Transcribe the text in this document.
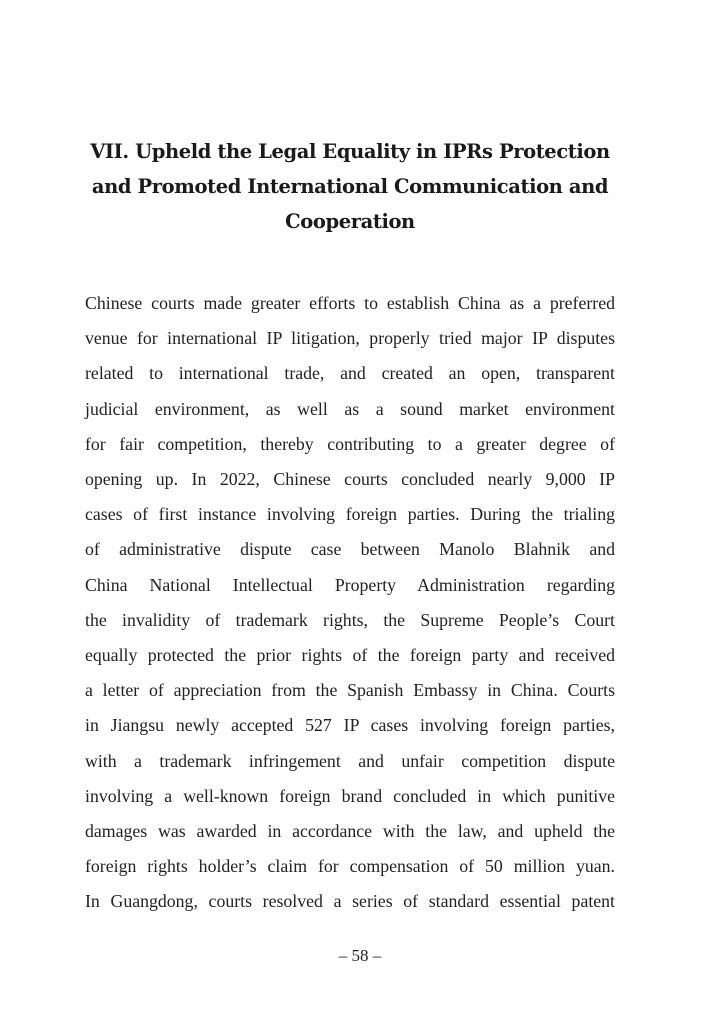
VII. Upheld the Legal Equality in IPRs Protection
and Promoted International Communication and
Cooperation
Chinese courts made greater efforts to establish China as a preferred
venue for international IP litigation, properly tried major IP disputes
related to international trade, and created an open, transparent
judicial environment, as well as a sound market environment
for fair competition, thereby contributing to a greater degree of
opening up. In 2022, Chinese courts concluded nearly 9,000 IP
cases of first instance involving foreign parties. During the trialing
of administrative dispute case between Manolo Blahnik and
China National Intellectual Property Administration regarding
the invalidity of trademark rights, the Supreme People’s Court
equally protected the prior rights of the foreign party and received
a letter of appreciation from the Spanish Embassy in China. Courts
in Jiangsu newly accepted 527 IP cases involving foreign parties,
with a trademark infringement and unfair competition dispute
involving a well-known foreign brand concluded in which punitive
damages was awarded in accordance with the law, and upheld the
foreign rights holder’s claim for compensation of 50 million yuan.
In Guangdong, courts resolved a series of standard essential patent
– 58 –
